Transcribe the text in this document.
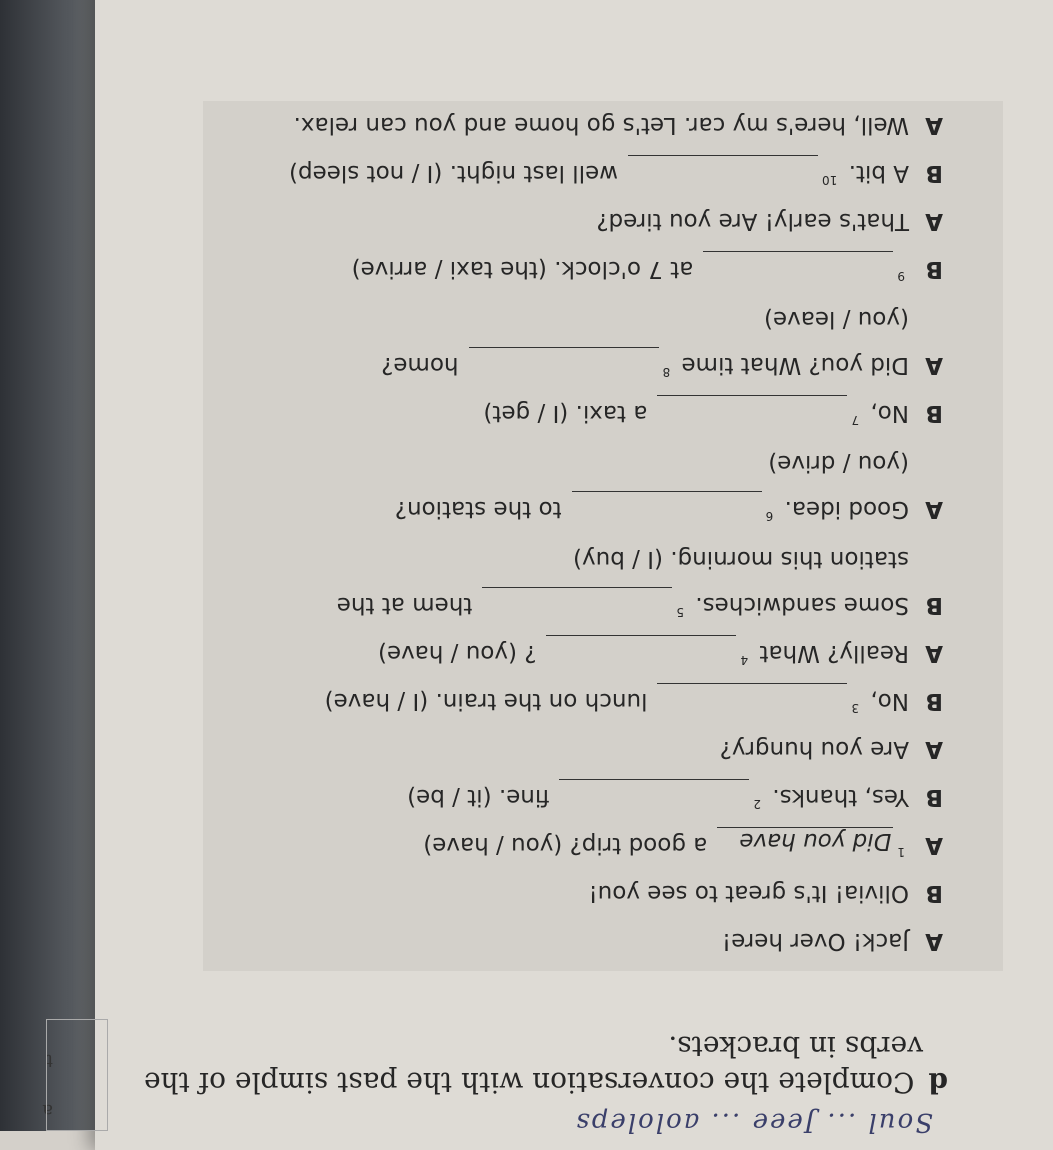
Soul ... Jeee ... aololeps
a
t
dComplete the conversation with the past simple of the
verbs in brackets.
AJack! Over here!
BOlivia! It's great to see you!
$A^1Did$ you havea good trip? (you / have)
BYes, thanks. $^2$fine. (it / be)
AAre you hungry?
BNo, $^3$lunch on the train. (I / have)
AReally? What $^4$? (you / have)
BSome sandwiches. $^5$them at the
station this morning. (I / buy)
AGood idea. $^6$to the station?
(you / drive)
BNo, $^7$a taxi. (I / get)
ADid you? What time $^8$home?
(you / leave)
$B^9at$ 7 o'clock. (the taxi / arrive)
AThat's early! Are you tired?
BA bit. $^{10}$well last night. (I / not sleep)
AWell, here's my car. Let's go home and you can relax.
